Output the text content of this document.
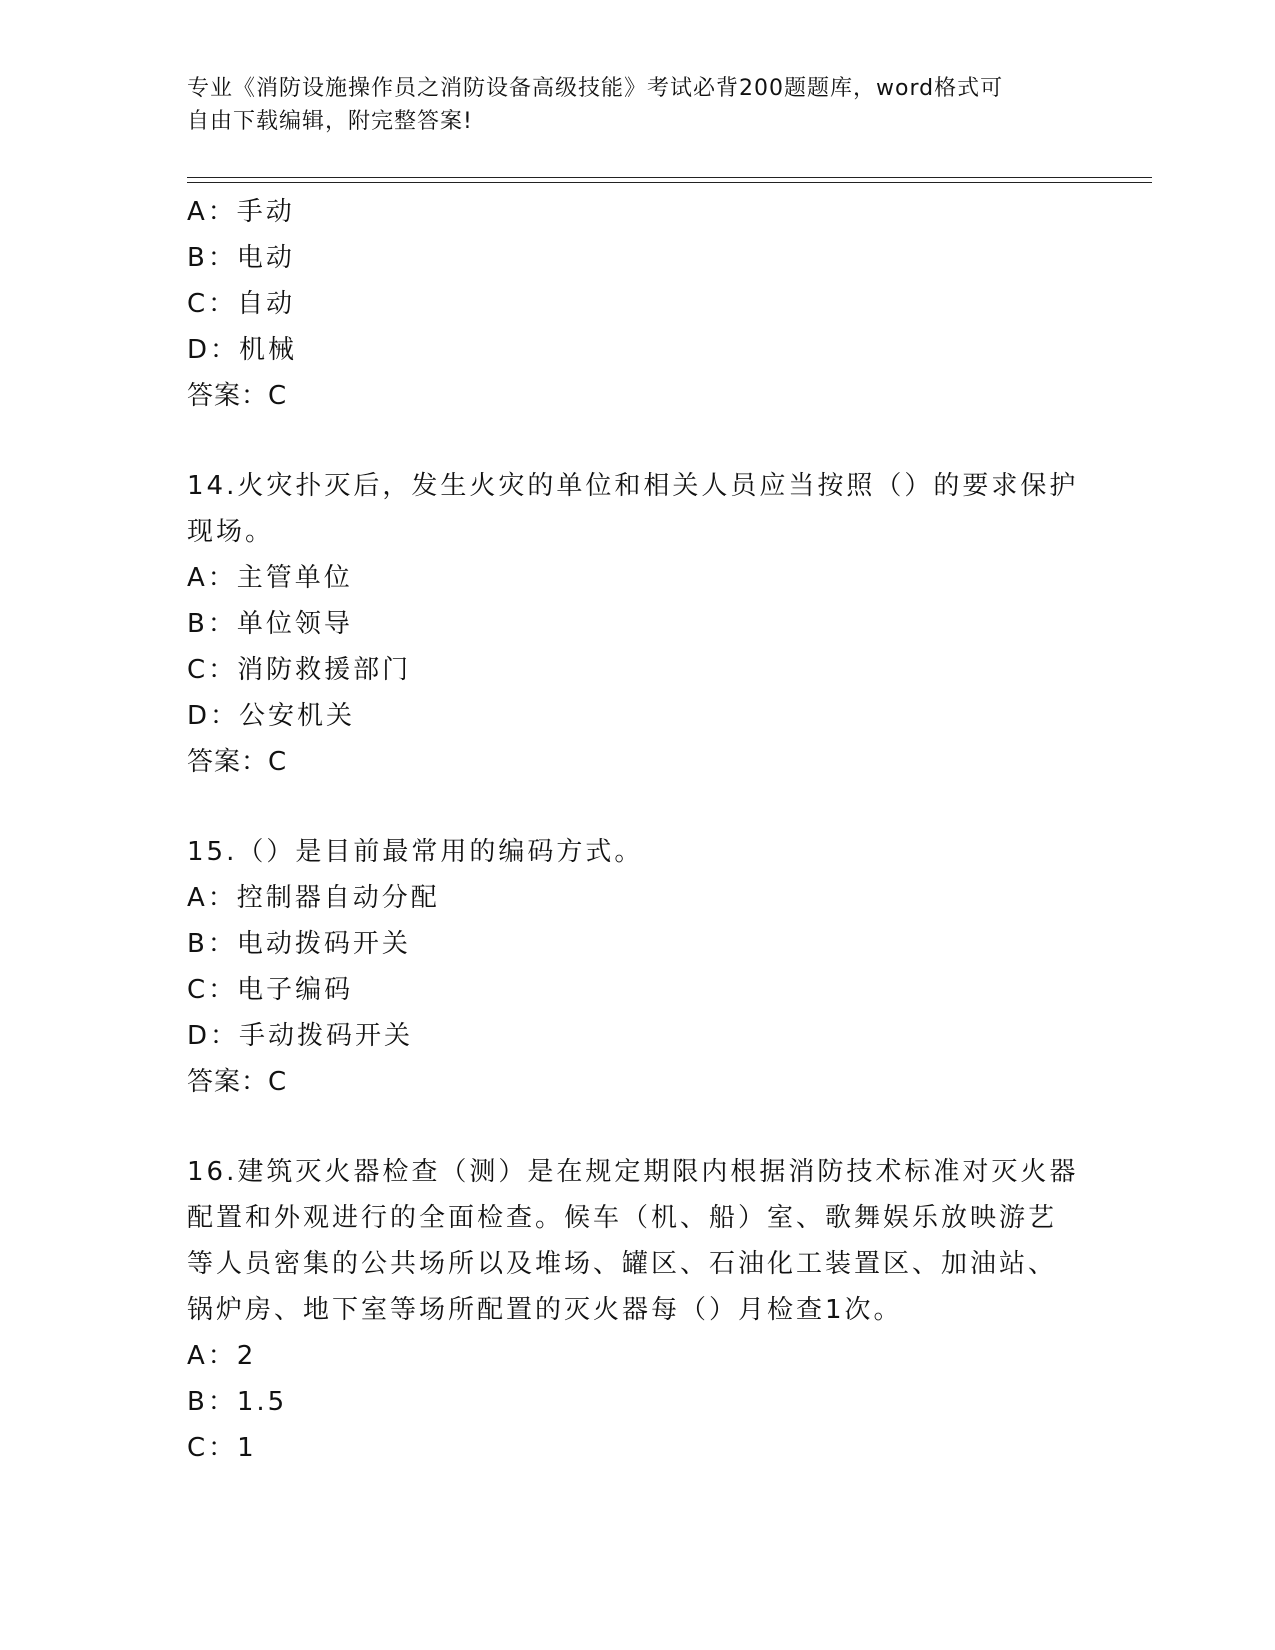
专业《消防设施操作员之消防设备高级技能》考试必背200题题库，word格式可
自由下载编辑，附完整答案!
A：手动
B：电动
C：自动
D：机械
答案：C
14.火灾扑灭后，发生火灾的单位和相关人员应当按照（）的要求保护
现场。
A：主管单位
B：单位领导
C：消防救援部门
D：公安机关
答案：C
15.（）是目前最常用的编码方式。
A：控制器自动分配
B：电动拨码开关
C：电子编码
D：手动拨码开关
答案：C
16.建筑灭火器检查（测）是在规定期限内根据消防技术标准对灭火器
配置和外观进行的全面检查。候车（机、船）室、歌舞娱乐放映游艺
等人员密集的公共场所以及堆场、罐区、石油化工装置区、加油站、
锅炉房、地下室等场所配置的灭火器每（）月检查1次。
A：2
B：1.5
C：1
